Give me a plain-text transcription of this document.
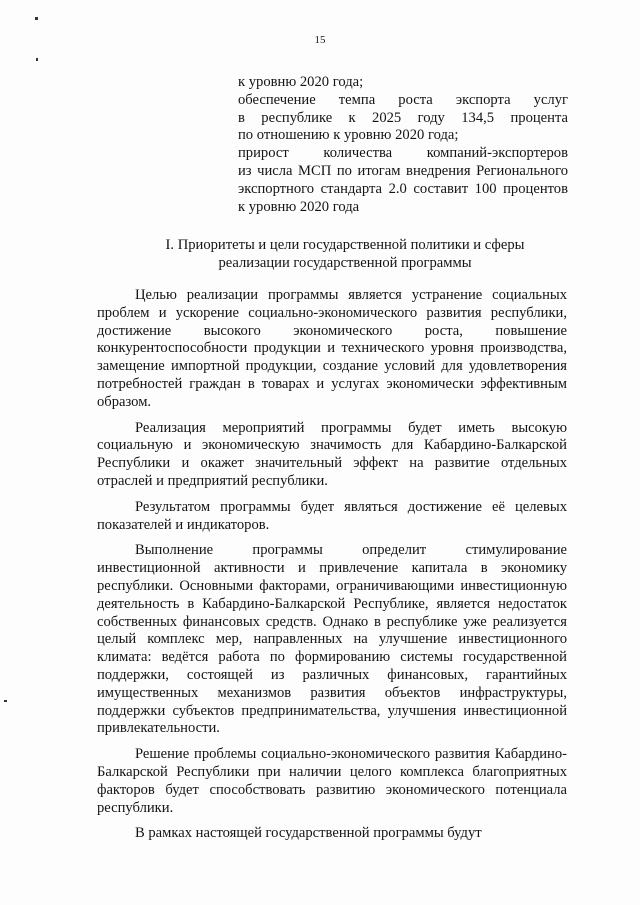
15
к уровню 2020 года;
обеспечение темпа роста экспорта услуг
в республике к 2025 году 134,5 процента
по отношению к уровню 2020 года;
прирост количества компаний-экспортеров
из числа МСП по итогам внедрения Регионального
экспортного стандарта 2.0 составит 100 процентов
к уровню 2020 года
I. Приоритеты и цели государственной политики и сферы
реализации государственной программы

Целью реализации программы является устранение социальных проблем и ускорение социально-экономического развития республики, достижение высокого экономического роста, повышение конкурентоспособности продукции и технического уровня производства, замещение импортной продукции, создание условий для удовлетворения потребностей граждан в товарах и услугах экономически эффективным образом.

Реализация мероприятий программы будет иметь высокую социальную и экономическую значимость для Кабардино-Балкарской Республики и окажет значительный эффект на развитие отдельных отраслей и предприятий республики.

Результатом программы будет являться достижение её целевых показателей и индикаторов.

Выполнение программы определит стимулирование инвестиционной активности и привлечение капитала в экономику республики. Основными факторами, ограничивающими инвестиционную деятельность в Кабардино-Балкарской Республике, является недостаток собственных финансовых средств. Однако в республике уже реализуется целый комплекс мер, направленных на улучшение инвестиционного климата: ведётся работа по формированию системы государственной поддержки, состоящей из различных финансовых, гарантийных имущественных механизмов развития объектов инфраструктуры, поддержки субъектов предпринимательства, улучшения инвестиционной привлекательности.

Решение проблемы социально-экономического развития Кабардино-Балкарской Республики при наличии целого комплекса благоприятных факторов будет способствовать развитию экономического потенциала республики.

В рамках настоящей государственной программы будут
